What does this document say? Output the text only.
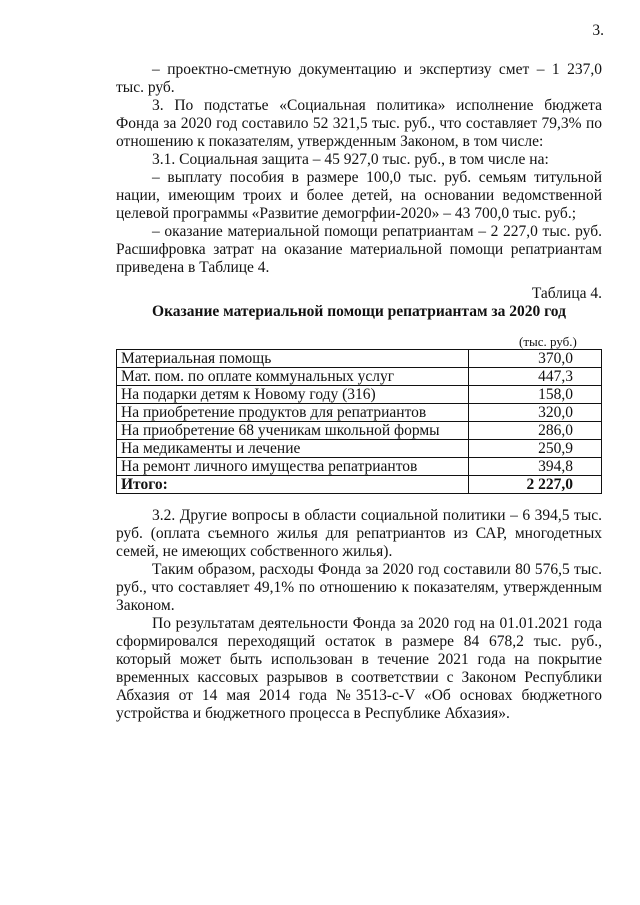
3.

– проектно-сметную документацию и экспертизу смет – 1 237,0 тыс. руб.

3. По подстатье «Социальная политика» исполнение бюджета Фонда за 2020 год составило 52 321,5 тыс. руб., что составляет 79,3% по отношению к показателям, утвержденным Законом, в том числе:

3.1. Социальная защита – 45 927,0 тыс. руб., в том числе на:

– выплату пособия в размере 100,0 тыс. руб. семьям титульной нации, имеющим троих и более детей, на основании ведомственной целевой программы «Развитие демогрфии-2020» – 43 700,0 тыс. руб.;

– оказание материальной помощи репатриантам – 2 227,0 тыс. руб. Расшифровка затрат на оказание материальной помощи репатриантам приведена в Таблице 4.

Таблица 4.
Оказание материальной помощи репатриантам за 2020 год
(тыс. руб.)
Материальная помощь	370,0
Мат. пом. по оплате коммунальных услуг	447,3
На подарки детям к Новому году (316)	158,0
На приобретение продуктов для репатриантов	320,0
На приобретение 68 ученикам школьной формы	286,0
На медикаменты и лечение	250,9
На ремонт личного имущества репатриантов	394,8
Итого:	2 227,0

3.2. Другие вопросы в области социальной политики – 6 394,5 тыс. руб. (оплата съемного жилья для репатриантов из САР, многодетных семей, не имеющих собственного жилья).

Таким образом, расходы Фонда за 2020 год составили 80 576,5 тыс. руб., что составляет 49,1% по отношению к показателям, утвержденным Законом.

По результатам деятельности Фонда за 2020 год на 01.01.2021 года сформировался переходящий остаток в размере 84 678,2 тыс. руб., который может быть использован в течение 2021 года на покрытие временных кассовых разрывов в соответствии с Законом Республики Абхазия от 14 мая 2014 года №3513-с-V «Об основах бюджетного устройства и бюджетного процесса в Республике Абхазия».
